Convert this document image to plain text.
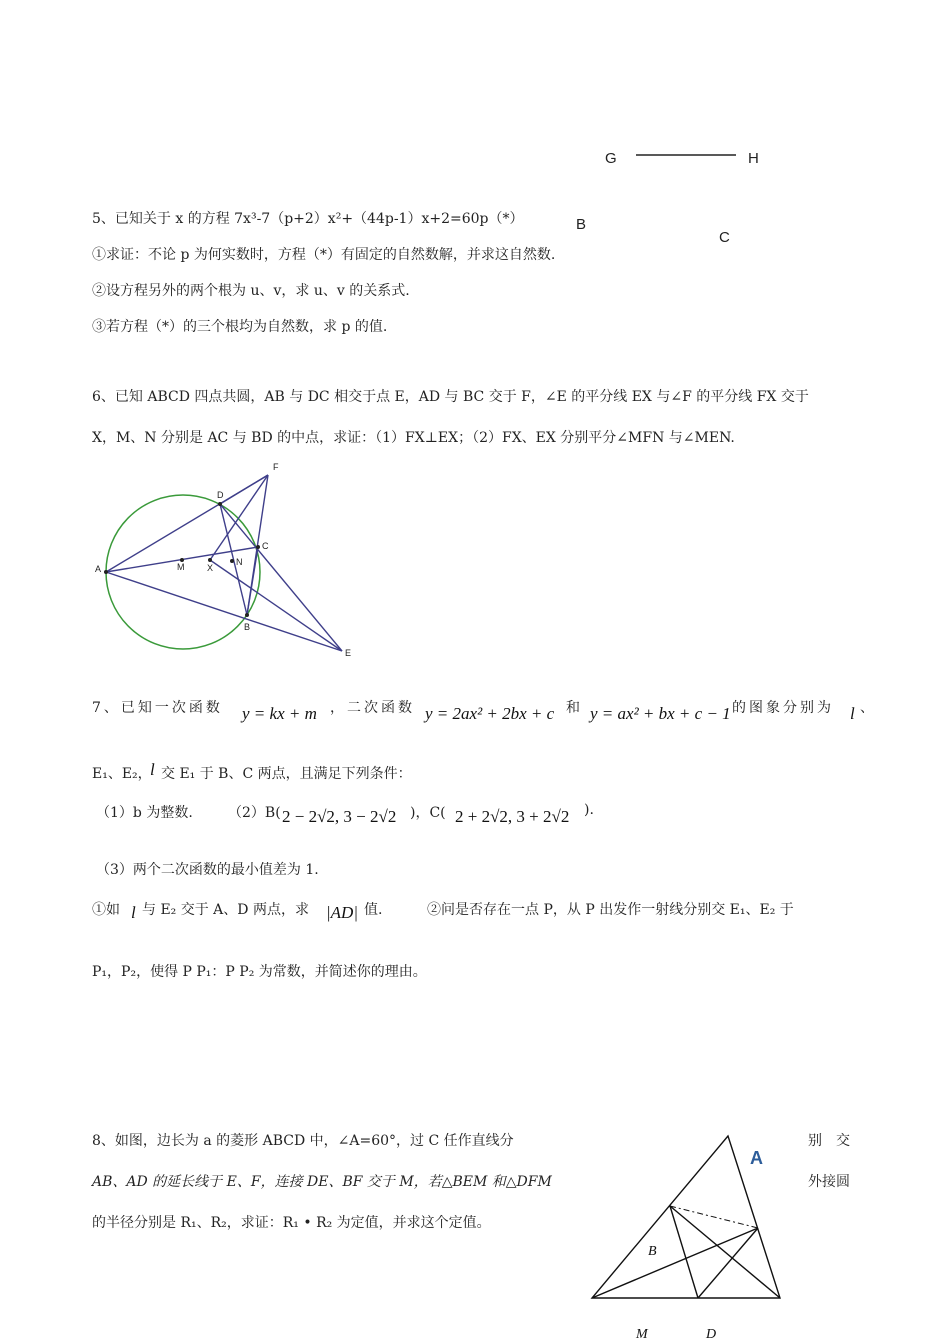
G	H
B
C
5、已知关于 x 的方程 7x³-7（p+2）x²+（44p-1）x+2=60p（*）
①求证：不论 p 为何实数时，方程（*）有固定的自然数解，并求这自然数.
②设方程另外的两个根为 u、v，求 u、v 的关系式.
③若方程（*）的三个根均为自然数，求 p 的值.
6、已知 ABCD 四点共圆，AB 与 DC 相交于点 E，AD 与 BC 交于 F，∠E 的平分线 EX 与∠F 的平分线 FX 交于
X，M、N 分别是 AC 与 BD 的中点，求证：（1）FX⊥EX；（2）FX、EX 分别平分∠MFN 与∠MEN.
A
D
C
B
F
E
M	X
N
7、已知一次函数 y = kx + m ，二次函数 y = 2ax² + 2bx + c 和 y = ax² + bx + c − 1 的图象分别为 l 、
E₁、E₂，
l 交 E₁ 于 B、C 两点，且满足下列条件：
（1）b 为整数.	（2）B( 2 − 2√2, 3 − 2√2 )，C( 2 + 2√2, 3 + 2√2 ).
（3）两个二次函数的最小值差为 1.
①如 l 与 E₂ 交于 A、D 两点，求 |AD| 值.	②问是否存在一点 P，从 P 出发作一射线分别交 E₁、E₂ 于
P₁，P₂，使得 P P₁：P P₂ 为常数，并简述你的理由。
8、如图，边长为 a 的菱形 ABCD 中，∠A=60°，过 C 任作直线分	别　交
AB、AD 的延长线于 E、F，连接 DE、BF 交于 M，若△BEM 和△DFM	外接圆
的半径分别是 R₁、R₂，求证：R₁ • R₂ 为定值，并求这个定值。
A
B
M	D
